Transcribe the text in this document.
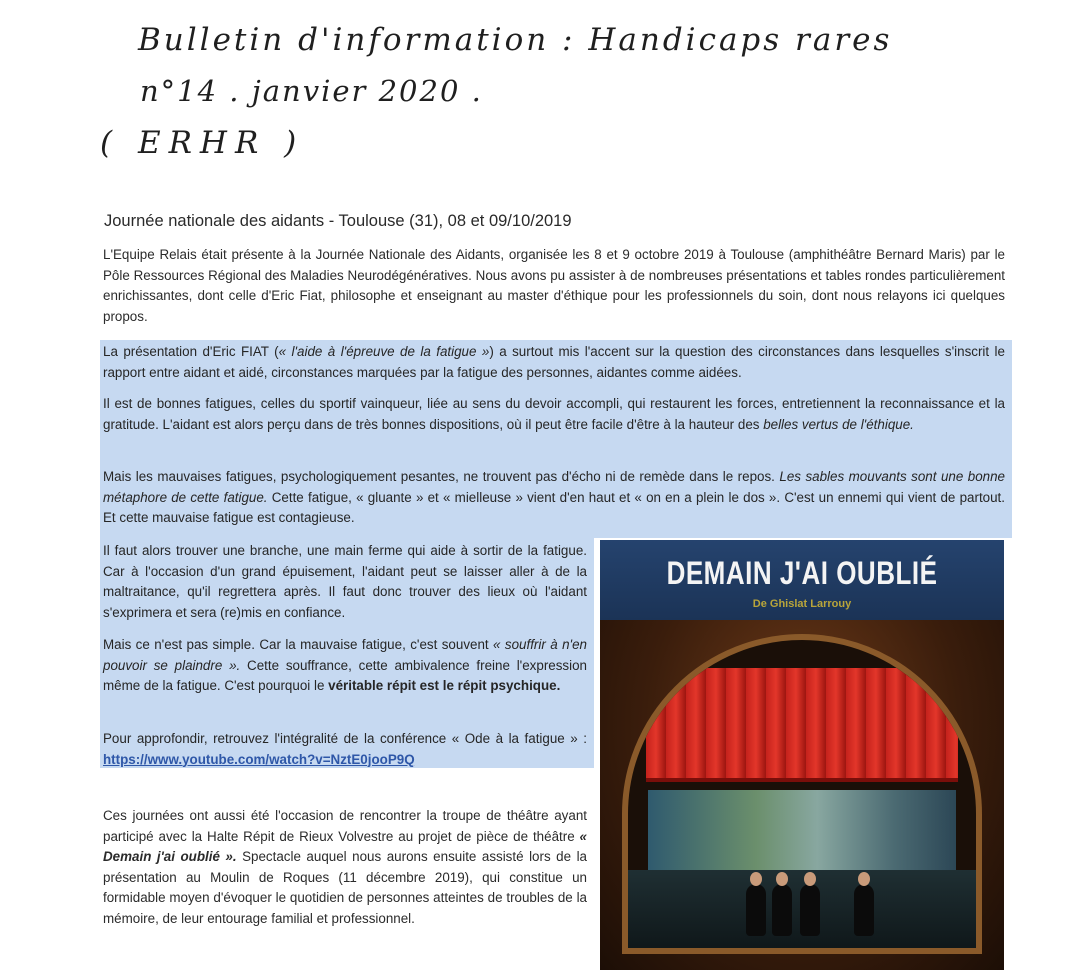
Bulletin d'information : Handicaps rares
n°14 . janvier 2020 .
( ERHR )
Journée nationale des aidants - Toulouse (31), 08 et 09/10/2019
L'Equipe Relais était présente à la Journée Nationale des Aidants, organisée les 8 et 9 octobre 2019 à Toulouse (amphithéâtre Bernard Maris) par le Pôle Ressources Régional des Maladies Neurodégénératives. Nous avons pu assister à de nombreuses présentations et tables rondes particulièrement enrichissantes, dont celle d'Eric Fiat, philosophe et enseignant au master d'éthique pour les professionnels du soin, dont nous relayons ici quelques propos.
La présentation d'Eric FIAT (« l'aide à l'épreuve de la fatigue ») a surtout mis l'accent sur la question des circonstances dans lesquelles s'inscrit le rapport entre aidant et aidé, circonstances marquées par la fatigue des personnes, aidantes comme aidées.
Il est de bonnes fatigues, celles du sportif vainqueur, liée au sens du devoir accompli, qui restaurent les forces, entretiennent la reconnaissance et la gratitude. L'aidant est alors perçu dans de très bonnes dispositions, où il peut être facile d'être à la hauteur des belles vertus de l'éthique.
Mais les mauvaises fatigues, psychologiquement pesantes, ne trouvent pas d'écho ni de remède dans le repos. Les sables mouvants sont une bonne métaphore de cette fatigue. Cette fatigue, « gluante » et « mielleuse » vient d'en haut et « on en a plein le dos ». C'est un ennemi qui vient de partout. Et cette mauvaise fatigue est contagieuse.
Il faut alors trouver une branche, une main ferme qui aide à sortir de la fatigue. Car à l'occasion d'un grand épuisement, l'aidant peut se laisser aller à de la maltraitance, qu'il regrettera après. Il faut donc trouver des lieux où l'aidant s'exprimera et sera (re)mis en confiance.
Mais ce n'est pas simple. Car la mauvaise fatigue, c'est souvent « souffrir à n'en pouvoir se plaindre ». Cette souffrance, cette ambivalence freine l'expression même de la fatigue. C'est pourquoi le véritable répit est le répit psychique.
Pour approfondir, retrouvez l'intégralité de la conférence « Ode à la fatigue » : https://www.youtube.com/watch?v=NztE0jooP9Q
Ces journées ont aussi été l'occasion de rencontrer la troupe de théâtre ayant participé avec la Halte Répit de Rieux Volvestre au projet de pièce de théâtre « Demain j'ai oublié ». Spectacle auquel nous aurons ensuite assisté lors de la présentation au Moulin de Roques (11 décembre 2019), qui constitue un formidable moyen d'évoquer le quotidien de personnes atteintes de troubles de la mémoire, de leur entourage familial et professionnel.
DEMAIN J'AI OUBLIÉ
De Ghislat Larrouy
